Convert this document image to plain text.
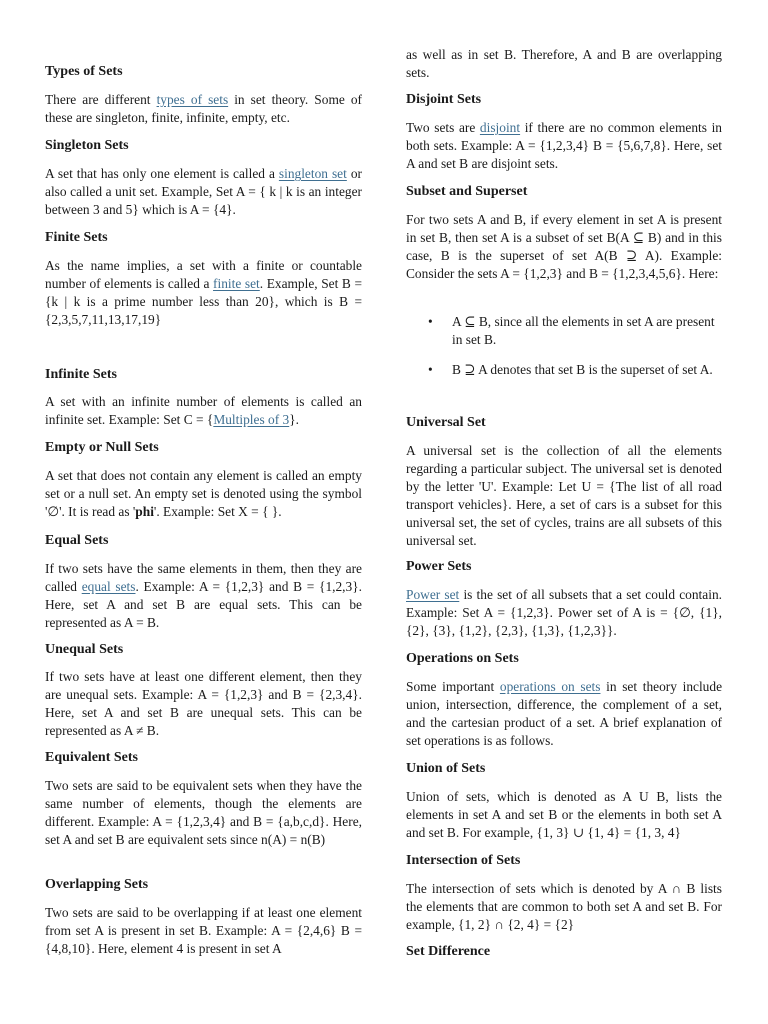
Types of Sets

There are different types of sets in set theory. Some of these are singleton, finite, infinite, empty, etc.

Singleton Sets

A set that has only one element is called a singleton set or also called a unit set. Example, Set A = { k | k is an integer between 3 and 5} which is A = {4}.

Finite Sets

As the name implies, a set with a finite or countable number of elements is called a finite set. Example, Set B = {k | k is a prime number less than 20}, which is B = {2,3,5,7,11,13,17,19}

Infinite Sets

A set with an infinite number of elements is called an infinite set. Example: Set C = {Multiples of 3}.

Empty or Null Sets

A set that does not contain any element is called an empty set or a null set. An empty set is denoted using the symbol '∅'. It is read as 'phi'. Example: Set X = { }.

Equal Sets

If two sets have the same elements in them, then they are called equal sets. Example: A = {1,2,3} and B = {1,2,3}. Here, set A and set B are equal sets. This can be represented as A = B.

Unequal Sets

If two sets have at least one different element, then they are unequal sets. Example: A = {1,2,3} and B = {2,3,4}. Here, set A and set B are unequal sets. This can be represented as A ≠ B.

Equivalent Sets

Two sets are said to be equivalent sets when they have the same number of elements, though the elements are different. Example: A = {1,2,3,4} and B = {a,b,c,d}. Here, set A and set B are equivalent sets since n(A) = n(B)

Overlapping Sets

Two sets are said to be overlapping if at least one element from set A is present in set B. Example: A = {2,4,6} B = {4,8,10}. Here, element 4 is present in set A

as well as in set B. Therefore, A and B are overlapping sets.

Disjoint Sets

Two sets are disjoint if there are no common elements in both sets. Example: A = {1,2,3,4} B = {5,6,7,8}. Here, set A and set B are disjoint sets.

Subset and Superset

For two sets A and B, if every element in set A is present in set B, then set A is a subset of set B(A ⊆ B) and in this case, B is the superset of set A(B ⊇ A). Example: Consider the sets A = {1,2,3} and B = {1,2,3,4,5,6}. Here:

• A ⊆ B, since all the elements in set A are present in set B.
• B ⊇ A denotes that set B is the superset of set A.
Universal Set

A universal set is the collection of all the elements regarding a particular subject. The universal set is denoted by the letter 'U'. Example: Let U = {The list of all road transport vehicles}. Here, a set of cars is a subset for this universal set, the set of cycles, trains are all subsets of this universal set.

Power Sets

Power set is the set of all subsets that a set could contain. Example: Set A = {1,2,3}. Power set of A is = {∅, {1}, {2}, {3}, {1,2}, {2,3}, {1,3}, {1,2,3}}.

Operations on Sets

Some important operations on sets in set theory include union, intersection, difference, the complement of a set, and the cartesian product of a set. A brief explanation of set operations is as follows.

Union of Sets

Union of sets, which is denoted as A U B, lists the elements in set A and set B or the elements in both set A and set B. For example, {1, 3} ∪ {1, 4} = {1, 3, 4}

Intersection of Sets

The intersection of sets which is denoted by A ∩ B lists the elements that are common to both set A and set B. For example, {1, 2} ∩ {2, 4} = {2}

Set Difference
